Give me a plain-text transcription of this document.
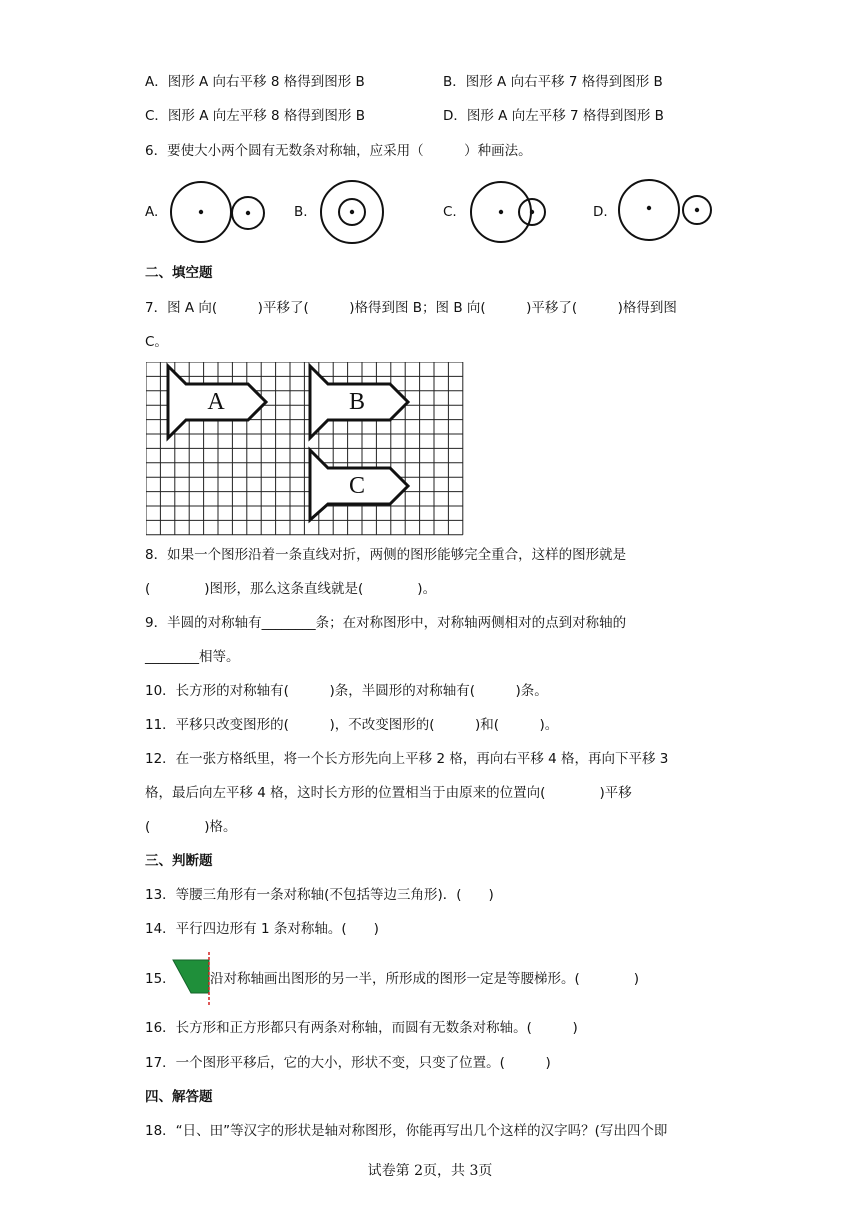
A．图形 A 向右平移 8 格得到图形 B	B．图形 A 向右平移 7 格得到图形 B
C．图形 A 向左平移 8 格得到图形 B	D．图形 A 向左平移 7 格得到图形 B
6．要使大小两个圆有无数条对称轴，应采用（　　　）种画法。
A.	B.	C.	D.
二、填空题
7．图 A 向(　　　)平移了(　　　)格得到图 B；图 B 向(　　　)平移了(　　　)格得到图
C。
A	B
C
8．如果一个图形沿着一条直线对折，两侧的图形能够完全重合，这样的图形就是
(　　　　)图形，那么这条直线就是(　　　　)。
9．半圆的对称轴有________条；在对称图形中，对称轴两侧相对的点到对称轴的
________相等。
10．长方形的对称轴有(　　　)条，半圆形的对称轴有(　　　)条。
11．平移只改变图形的(　　　)，不改变图形的(　　　)和(　　　)。
12．在一张方格纸里，将一个长方形先向上平移 2 格，再向右平移 4 格，再向下平移 3
格，最后向左平移 4 格，这时长方形的位置相当于由原来的位置向(　　　　)平移
(　　　　)格。
三、判断题
13．等腰三角形有一条对称轴(不包括等边三角形)．(　　)
14．平行四边形有 1 条对称轴。(　　)
15．	沿对称轴画出图形的另一半，所形成的图形一定是等腰梯形。(　　　　)
16．长方形和正方形都只有两条对称轴，而圆有无数条对称轴。(　　　)
17．一个图形平移后，它的大小，形状不变，只变了位置。(　　　)
四、解答题
18．“日、田”等汉字的形状是轴对称图形，你能再写出几个这样的汉字吗？(写出四个即
试卷第 2页，共 3页
